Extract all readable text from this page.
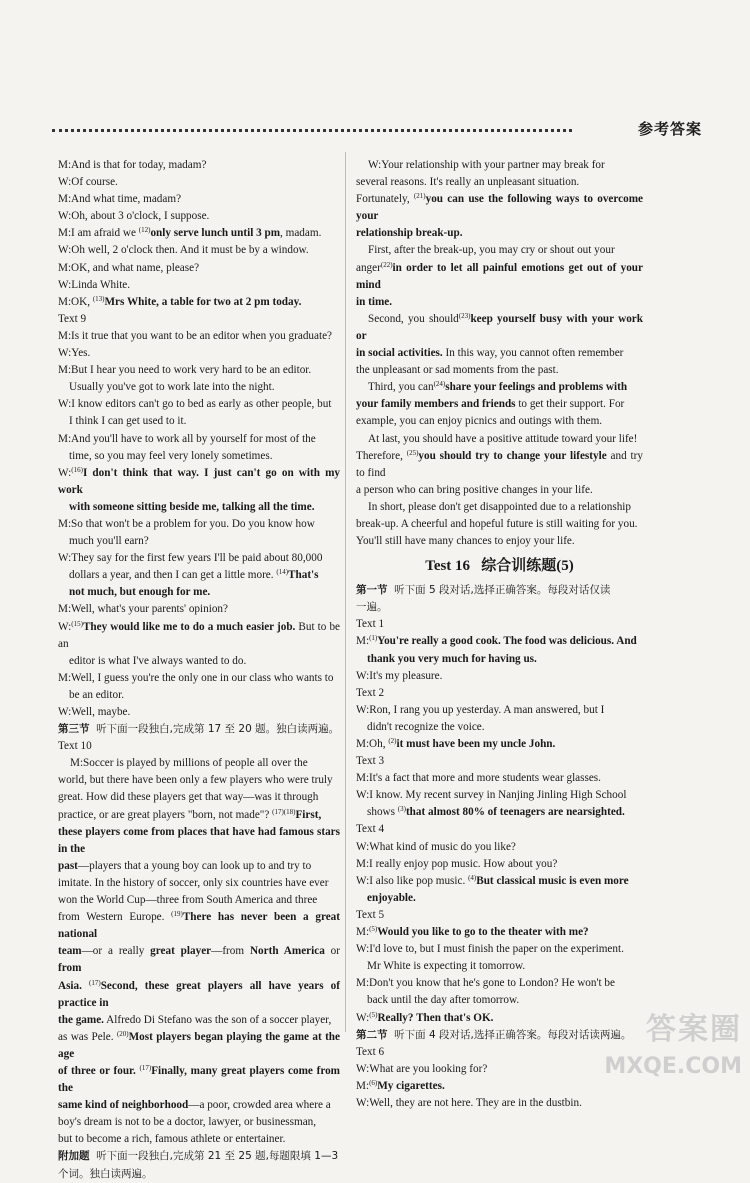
参考答案
M:And is that for today, madam?
W:Of course.
M:And what time, madam?
W:Oh, about 3 o'clock, I suppose.
M:I am afraid we $^{(12)}$only serve lunch until 3 pm, madam.
W:Oh well, 2 o'clock then. And it must be by a window.
M:OK, and what name, please?
W:Linda White.
M:OK, $^{(13)}$Mrs White, a table for two at 2 pm today.
Text 9
M:Is it true that you want to be an editor when you graduate?
W:Yes.
M:But I hear you need to work very hard to be an editor.
Usually you've got to work late into the night.
W:I know editors can't go to bed as early as other people, but
I think I can get used to it.
M:And you'll have to work all by yourself for most of the
time, so you may feel very lonely sometimes.
W:$^{(16)}$I don't think that way. I just can't go on with my work
with someone sitting beside me, talking all the time.
M:So that won't be a problem for you. Do you know how
much you'll earn?
W:They say for the first few years I'll be paid about 80,000
dollars a year, and then I can get a little more. $^{(14)}$That's
not much, but enough for me.
M:Well, what's your parents' opinion?
W:$^{(15)}$They would like me to do a much easier job. But to be an
editor is what I've always wanted to do.
M:Well, I guess you're the only one in our class who wants to
be an editor.
W:Well, maybe.
第三节  听下面一段独白,完成第 17 至 20 题。独白读两遍。
Text 10
M:Soccer is played by millions of people all over the
world, but there have been only a few players who were truly
great. How did these players get that way—was it through
practice, or are great players "born, not made"? $^{(17)(18)}$First,
these players come from places that have had famous stars in the
past—players that a young boy can look up to and try to
imitate. In the history of soccer, only six countries have ever
won the World Cup—three from South America and three
from Western Europe. $^{(19)}$There has never been a great national
team—or a really great player—from North America or from
Asia. $^{(17)}$Second, these great players all have years of practice in
the game. Alfredo Di Stefano was the son of a soccer player,
as was Pele. $^{(20)}$Most players began playing the game at the age
of three or four. $^{(17)}$Finally, many great players come from the
same kind of neighborhood—a poor, crowded area where a
boy's dream is not to be a doctor, lawyer, or businessman,
but to become a rich, famous athlete or entertainer.
附加题  听下面一段独白,完成第 21 至 25 题,每题限填 1—3
个词。独白读两遍。
W:Your relationship with your partner may break for
several reasons. It's really an unpleasant situation.
Fortunately, $^{(21)}$you can use the following ways to overcome your
relationship break-up.
First, after the break-up, you may cry or shout out your
anger$^{(22)}$in order to let all painful emotions get out of your mind
in time.
Second, you should$^{(23)}$keep yourself busy with your work or
in social activities. In this way, you cannot often remember
the unpleasant or sad moments from the past.
Third, you can$^{(24)}$share your feelings and problems with
your family members and friends to get their support. For
example, you can enjoy picnics and outings with them.
At last, you should have a positive attitude toward your life!
Therefore, $^{(25)}$you should try to change your lifestyle and try to find
a person who can bring positive changes in your life.
In short, please don't get disappointed due to a relationship
break-up. A cheerful and hopeful future is still waiting for you.
You'll still have many chances to enjoy your life.
Test 16   综合训练题(5)
第一节  听下面 5 段对话,选择正确答案。每段对话仅读
一遍。
Text 1
M:$^{(1)}$You're really a good cook. The food was delicious. And
thank you very much for having us.
W:It's my pleasure.
Text 2
W:Ron, I rang you up yesterday. A man answered, but I
didn't recognize the voice.
M:Oh, $^{(2)}$it must have been my uncle John.
Text 3
M:It's a fact that more and more students wear glasses.
W:I know. My recent survey in Nanjing Jinling High School
shows $^{(3)}$that almost 80% of teenagers are nearsighted.
Text 4
W:What kind of music do you like?
M:I really enjoy pop music. How about you?
W:I also like pop music. $^{(4)}$But classical music is even more
enjoyable.
Text 5
M:$^{(5)}$Would you like to go to the theater with me?
W:I'd love to, but I must finish the paper on the experiment.
Mr White is expecting it tomorrow.
M:Don't you know that he's gone to London? He won't be
back until the day after tomorrow.
W:$^{(5)}$Really? Then that's OK.
第二节  听下面 4 段对话,选择正确答案。每段对话读两遍。
Text 6
W:What are you looking for?
M:$^{(6)}$My cigarettes.
W:Well, they are not here. They are in the dustbin.
答案圈
MXQE.COM
